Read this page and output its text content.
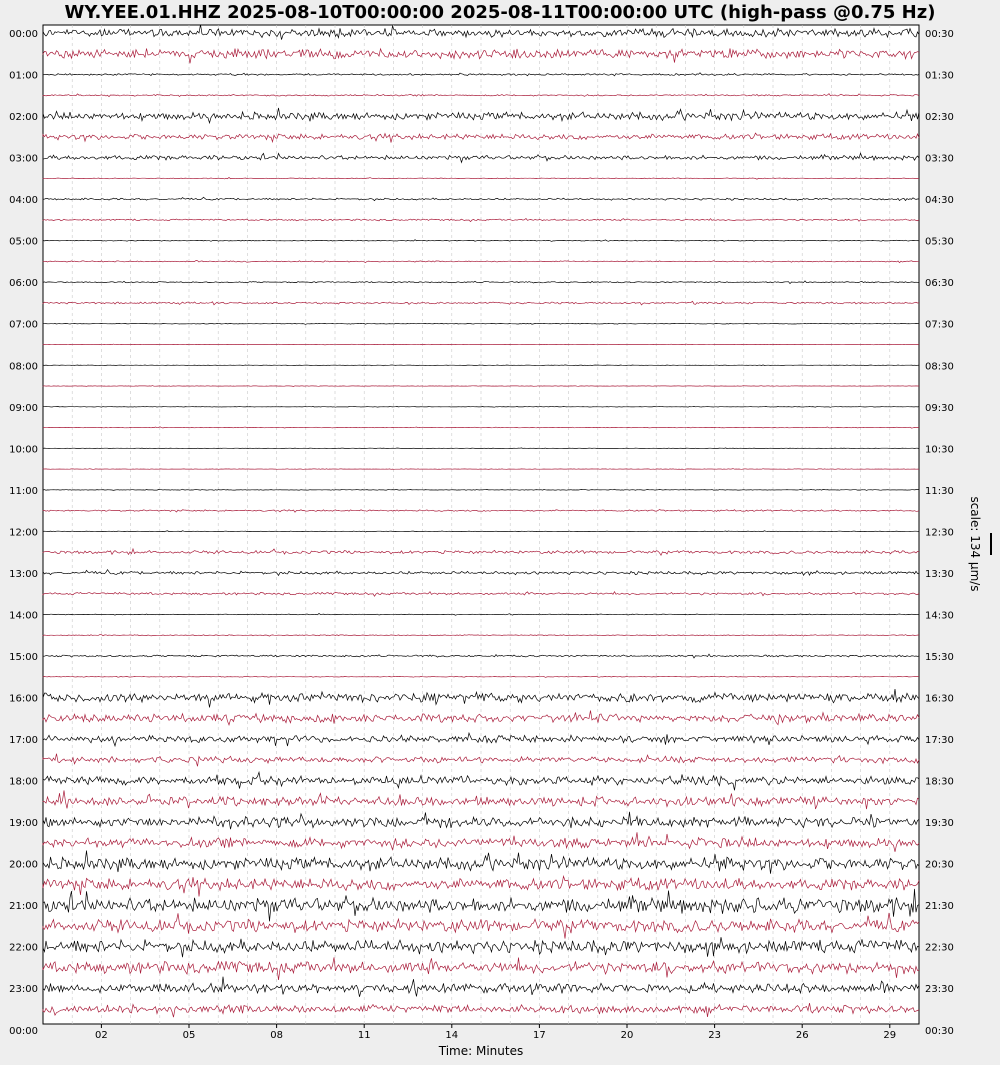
WY.YEE.01.HHZ 2025-08-10T00:00:00 2025-08-11T00:00:00 UTC (high-pass @0.75 Hz)
00:00
01:00
02:00
03:00
04:00
05:00
06:00
07:00
08:00
09:00
10:00
11:00
12:00
13:00
14:00
15:00
16:00
17:00
18:00
19:00
20:00
21:00
22:00
23:00
00:00
00:30
01:30
02:30
03:30
04:30
05:30
06:30
07:30
08:30
09:30
10:30
11:30
12:30
13:30
14:30
15:30
16:30
17:30
18:30
19:30
20:30
21:30
22:30
23:30
00:30
02	05	08	11	14	17	20	23	26	29
Time: Minutes
scale: 134 µm/s
